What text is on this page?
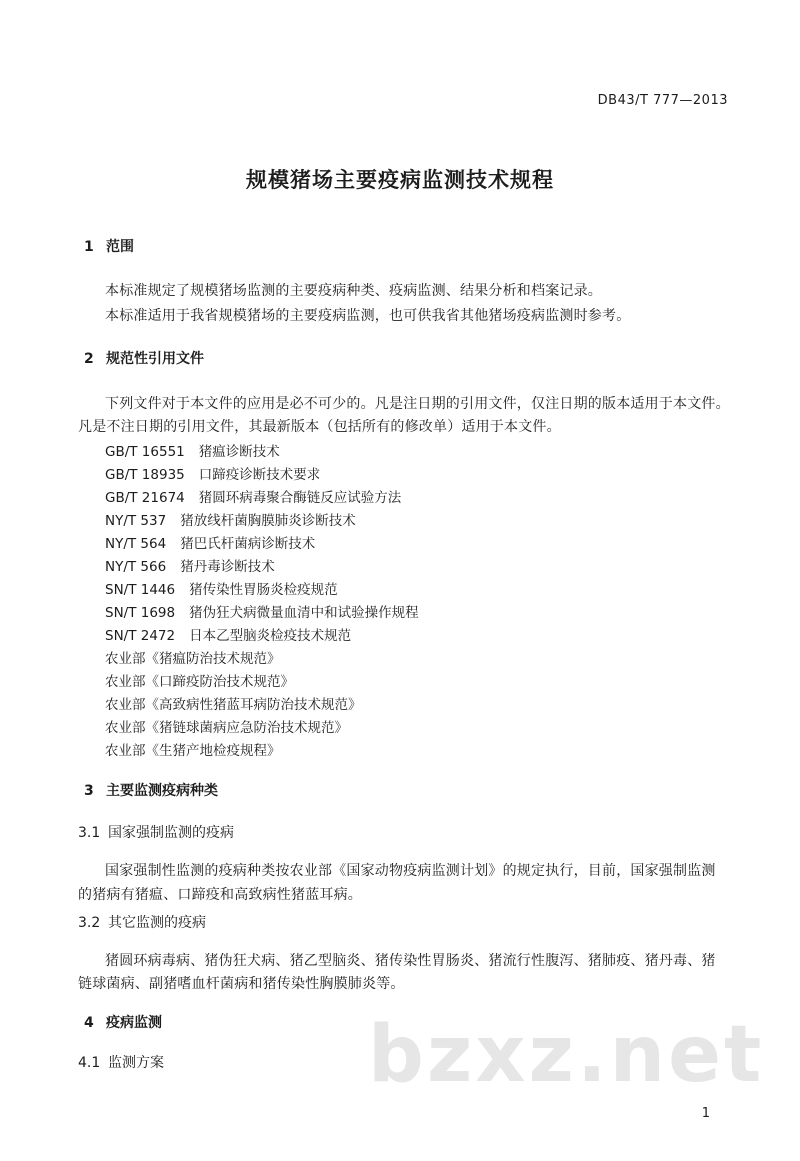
DB43/T 777—2013
规模猪场主要疫病监测技术规程
1 范围
本标准规定了规模猪场监测的主要疫病种类、疫病监测、结果分析和档案记录。
本标准适用于我省规模猪场的主要疫病监测，也可供我省其他猪场疫病监测时参考。
2 规范性引用文件
下列文件对于本文件的应用是必不可少的。凡是注日期的引用文件，仅注日期的版本适用于本文件。
凡是不注日期的引用文件，其最新版本（包括所有的修改单）适用于本文件。
GB/T 16551 猪瘟诊断技术
GB/T 18935 口蹄疫诊断技术要求
GB/T 21674 猪圆环病毒聚合酶链反应试验方法
NY/T 537 猪放线杆菌胸膜肺炎诊断技术
NY/T 564 猪巴氏杆菌病诊断技术
NY/T 566 猪丹毒诊断技术
SN/T 1446 猪传染性胃肠炎检疫规范
SN/T 1698 猪伪狂犬病微量血清中和试验操作规程
SN/T 2472 日本乙型脑炎检疫技术规范
农业部《猪瘟防治技术规范》
农业部《口蹄疫防治技术规范》
农业部《高致病性猪蓝耳病防治技术规范》
农业部《猪链球菌病应急防治技术规范》
农业部《生猪产地检疫规程》
3 主要监测疫病种类
3.1 国家强制监测的疫病
国家强制性监测的疫病种类按农业部《国家动物疫病监测计划》的规定执行，目前，国家强制监测
的猪病有猪瘟、口蹄疫和高致病性猪蓝耳病。
3.2 其它监测的疫病
猪圆环病毒病、猪伪狂犬病、猪乙型脑炎、猪传染性胃肠炎、猪流行性腹泻、猪肺疫、猪丹毒、猪
链球菌病、副猪嗜血杆菌病和猪传染性胸膜肺炎等。
4 疫病监测
4.1 监测方案	bzxz.net
1
